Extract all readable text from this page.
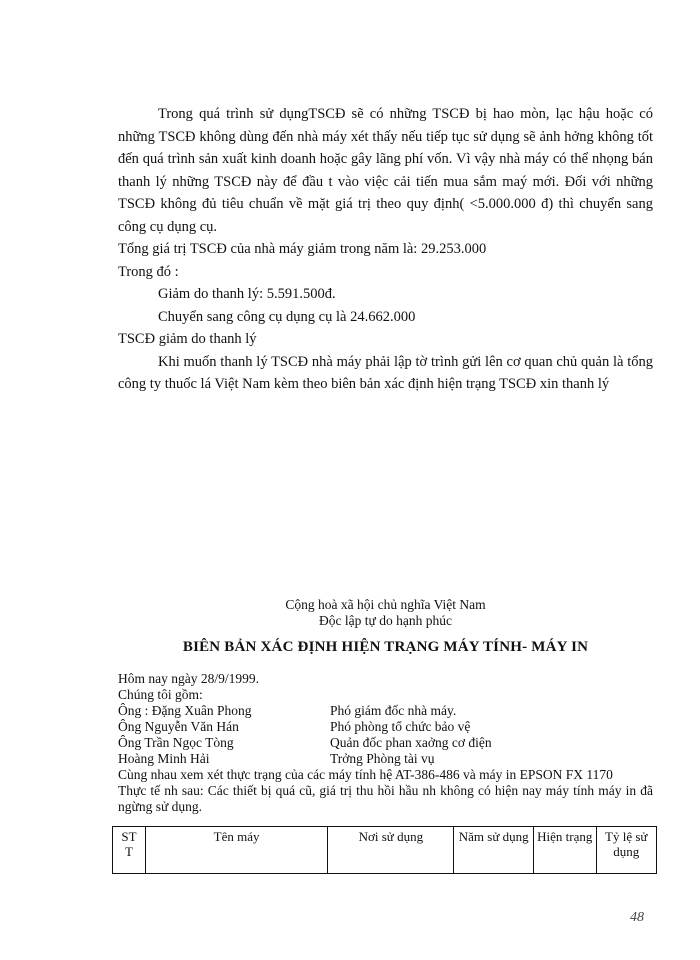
Trong quá trình sử dụngTSCĐ sẽ có những TSCĐ bị hao mòn, lạc hậu hoặc có những TSCĐ không dùng đến nhà máy xét thấy nếu tiếp tục sử dụng sẽ ảnh hởng không tốt đến quá trình sản xuất kinh doanh hoặc gây lãng phí vốn. Vì vậy nhà máy có thể nhọng bán thanh lý những TSCĐ này để đầu t vào việc cải tiến mua sắm maý mới. Đối với những TSCĐ không đủ tiêu chuẩn về mặt giá trị theo quy định( <5.000.000 đ) thì chuyển sang công cụ dụng cụ.

Tổng giá trị TSCĐ của nhà máy giảm trong năm là: 29.253.000

Trong đó :

Giảm do thanh lý: 5.591.500đ.

Chuyển sang công cụ dụng cụ là 24.662.000

TSCĐ giảm do thanh lý

Khi muốn thanh lý TSCĐ nhà máy phải lập tờ trình gửi lên cơ quan chủ quản là tổng công ty thuốc lá Việt Nam kèm theo biên bản xác định hiện trạng TSCĐ xin thanh lý

Cộng hoà xã hội chủ nghĩa Việt Nam
Độc lập tự do hạnh phúc
BIÊN BẢN XÁC ĐỊNH HIỆN TRẠNG MÁY TÍNH- MÁY IN

Hôm nay ngày 28/9/1999.

Chúng tôi gồm:

Ông : Đặng Xuân Phong	Phó giám đốc nhà máy.
Ông Nguyễn Văn Hán	Phó phòng tổ chức bảo vệ
Ông Trần Ngọc Tòng	Quản đốc phan xaởng cơ điện
Hoàng Minh Hải	Trởng Phòng tài vụ

Cùng nhau xem xét thực trạng của các máy tính hệ AT-386-486 và máy in EPSON FX 1170

Thực tế nh sau: Các thiết bị quá cũ, giá trị thu hồi hầu nh không có hiện nay máy tính máy in đã ngừng sử dụng.

ST T	Tên máy	Nơi sử dụng	Năm sử dụng	Hiện trạng	Tỷ lệ sử dụng
48
